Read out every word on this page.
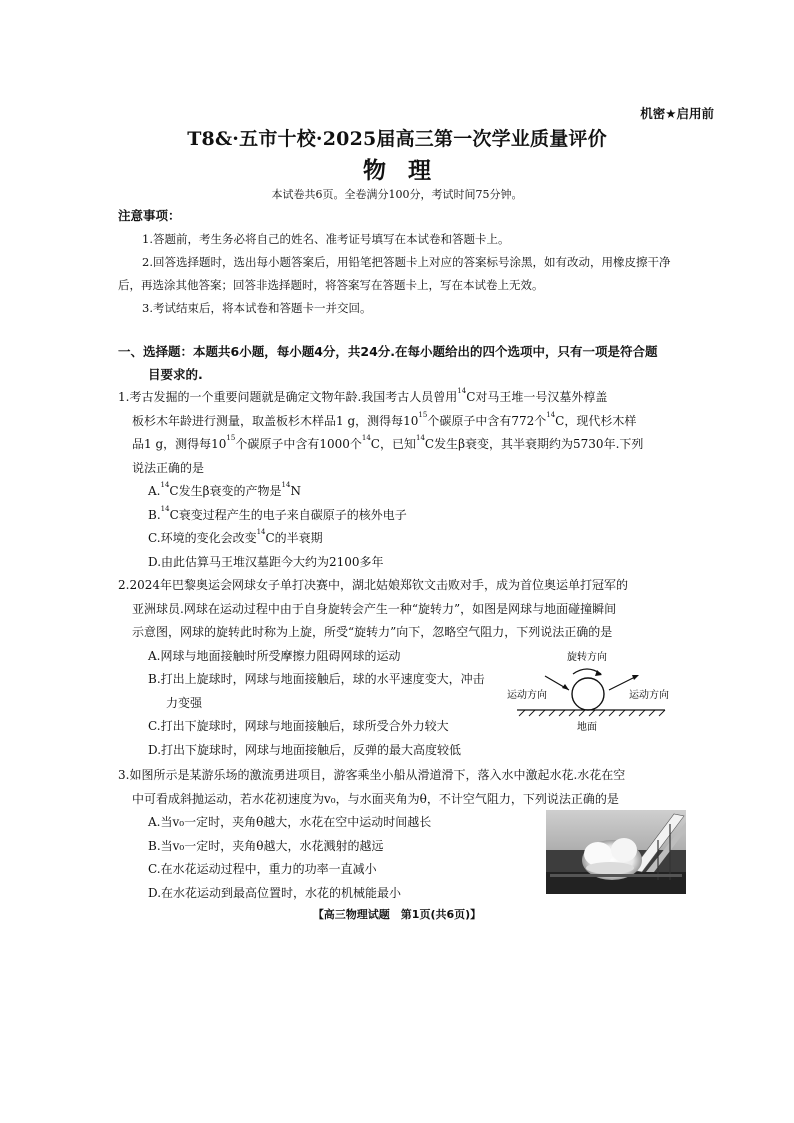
机密★启用前
T8&·五市十校·2025届高三第一次学业质量评价
物理
本试卷共6页。全卷满分100分，考试时间75分钟。
注意事项：

1.答题前，考生务必将自己的姓名、准考证号填写在本试卷和答题卡上。

2.回答选择题时，选出每小题答案后，用铅笔把答题卡上对应的答案标号涂黑，如有改动，用橡皮擦干净后，再选涂其他答案；回答非选择题时，将答案写在答题卡上，写在本试卷上无效。

3.考试结束后，将本试卷和答题卡一并交回。

一、选择题：本题共6小题，每小题4分，共24分.在每小题给出的四个选项中，只有一项是符合题
目要求的.

1.考古发掘的一个重要问题就是确定文物年龄.我国考古人员曾用$^{14}$C对马王堆一号汉墓外椁盖

板杉木年龄进行测量，取盖板杉木样品1 g，测得每$10^{15}$个碳原子中含有772个$^{14}$C，现代杉木样

品1 g，测得每$10^{15}$个碳原子中含有1000个$^{14}$C，已知$^{14}$C发生β衰变，其半衰期约为5730年.下列

说法正确的是

A.$^{14}$C发生β衰变的产物是$^{14}$N

B.$^{14}$C衰变过程产生的电子来自碳原子的核外电子

C.环境的变化会改变$^{14}$C的半衰期

D.由此估算马王堆汉墓距今大约为2100多年

2.2024年巴黎奥运会网球女子单打决赛中，湖北姑娘郑钦文击败对手，成为首位奥运单打冠军的

亚洲球员.网球在运动过程中由于自身旋转会产生一种“旋转力”，如图是网球与地面碰撞瞬间

示意图，网球的旋转此时称为上旋，所受“旋转力”向下，忽略空气阻力，下列说法正确的是

A.网球与地面接触时所受摩擦力阻碍网球的运动

B.打出上旋球时，网球与地面接触后，球的水平速度变大，冲击

力变强

C.打出下旋球时，网球与地面接触后，球所受合外力较大

D.打出下旋球时，网球与地面接触后，反弹的最大高度较低

旋转方向
运动方向	运动方向
地面

3.如图所示是某游乐场的激流勇进项目，游客乘坐小船从滑道滑下，落入水中激起水花.水花在空

中可看成斜抛运动，若水花初速度为v₀，与水面夹角为θ，不计空气阻力，下列说法正确的是

A.当v₀一定时，夹角θ越大，水花在空中运动时间越长

B.当v₀一定时，夹角θ越大，水花溅射的越远

C.在水花运动过程中，重力的功率一直减小

D.在水花运动到最高位置时，水花的机械能最小

【高三物理试题　第1页(共6页)】
